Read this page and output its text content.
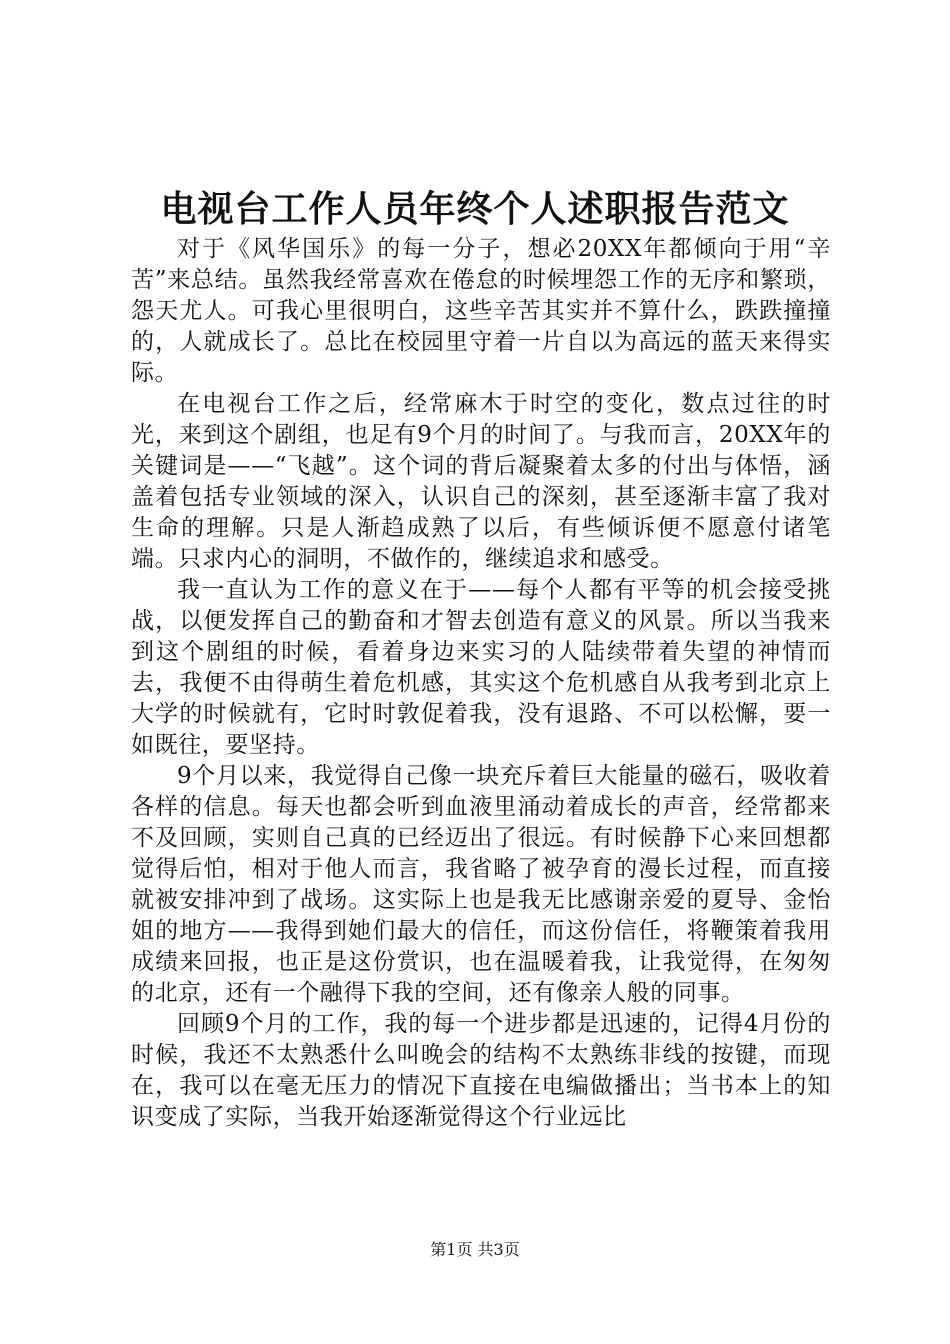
电视台工作人员年终个人述职报告范文

对于《风华国乐》的每一分子，想必20XX年都倾向于用“辛苦”来总结。虽然我经常喜欢在倦怠的时候埋怨工作的无序和繁琐，怨天尤人。可我心里很明白，这些辛苦其实并不算什么，跌跌撞撞的，人就成长了。总比在校园里守着一片自以为高远的蓝天来得实际。

在电视台工作之后，经常麻木于时空的变化，数点过往的时光，来到这个剧组，也足有9个月的时间了。与我而言，20XX年的关键词是——“飞越”。这个词的背后凝聚着太多的付出与体悟，涵盖着包括专业领域的深入，认识自己的深刻，甚至逐渐丰富了我对生命的理解。只是人渐趋成熟了以后，有些倾诉便不愿意付诸笔端。只求内心的洞明，不做作的，继续追求和感受。

我一直认为工作的意义在于——每个人都有平等的机会接受挑战，以便发挥自己的勤奋和才智去创造有意义的风景。所以当我来到这个剧组的时候，看着身边来实习的人陆续带着失望的神情而去，我便不由得萌生着危机感，其实这个危机感自从我考到北京上大学的时候就有，它时时敦促着我，没有退路、不可以松懈，要一如既往，要坚持。

9个月以来，我觉得自己像一块充斥着巨大能量的磁石，吸收着各样的信息。每天也都会听到血液里涌动着成长的声音，经常都来不及回顾，实则自己真的已经迈出了很远。有时候静下心来回想都觉得后怕，相对于他人而言，我省略了被孕育的漫长过程，而直接就被安排冲到了战场。这实际上也是我无比感谢亲爱的夏导、金怡姐的地方——我得到她们最大的信任，而这份信任，将鞭策着我用成绩来回报，也正是这份赏识，也在温暖着我，让我觉得，在匆匆的北京，还有一个融得下我的空间，还有像亲人般的同事。

回顾9个月的工作，我的每一个进步都是迅速的，记得4月份的时候，我还不太熟悉什么叫晚会的结构不太熟练非线的按键，而现在，我可以在毫无压力的情况下直接在电编做播出；当书本上的知识变成了实际，当我开始逐渐觉得这个行业远比

第1页 共3页
